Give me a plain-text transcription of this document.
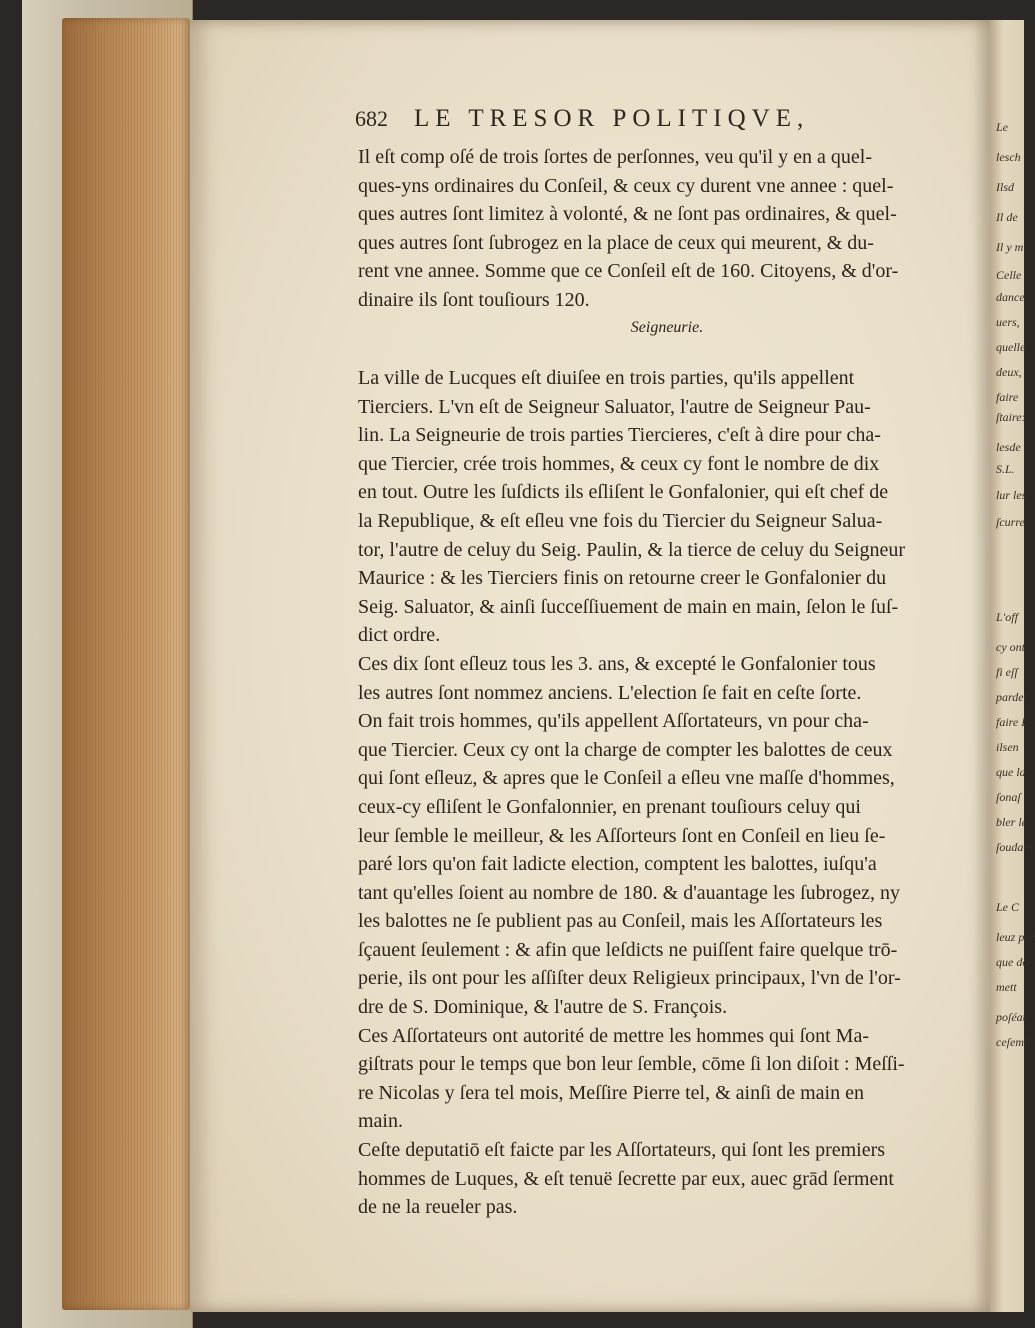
Le
lesch
Ilsd
Il de
Il y m
Celle
dance
uers,
quelle
deux,
faire
ſtaire:
lesde
S.L.
lur les
ſcurre
L'off
cy ont
fi eſſ
pardel
faire L
ilsen
que la
ſonaſ
bler le
ſoudain
Le C
leuz par
que do
mett
poſéau
ceſemb
682 LE TRESOR POLITIQVE,
Il eſt comp oſé de trois ſortes de perſonnes, veu qu'il y en a quel-
ques-yns ordinaires du Conſeil, & ceux cy durent vne annee : quel-
ques autres ſont limitez à volonté, & ne ſont pas ordinaires, & quel-
ques autres ſont ſubrogez en la place de ceux qui meurent, & du-
rent vne annee. Somme que ce Conſeil eſt de 160. Citoyens, & d'or-
dinaire ils ſont touſiours 120.
Seigneurie.
La ville de Lucques eſt diuiſee en trois parties, qu'ils appellent
Tierciers. L'vn eſt de Seigneur Saluator, l'autre de Seigneur Pau-
lin. La Seigneurie de trois parties Tiercieres, c'eſt à dire pour cha-
que Tiercier, crée trois hommes, & ceux cy font le nombre de dix
en tout. Outre les ſuſdicts ils eſliſent le Gonfalonier, qui eſt chef de
la Republique, & eſt eſleu vne fois du Tiercier du Seigneur Salua-
tor, l'autre de celuy du Seig. Paulin, & la tierce de celuy du Seigneur
Maurice : & les Tierciers finis on retourne creer le Gonfalonier du
Seig. Saluator, & ainſi ſucceſſiuement de main en main, ſelon le ſuſ-
dict ordre.
Ces dix ſont eſleuz tous les 3. ans, & excepté le Gonfalonier tous
les autres ſont nommez anciens. L'election ſe fait en ceſte ſorte.
On fait trois hommes, qu'ils appellent Aſſortateurs, vn pour cha-
que Tiercier. Ceux cy ont la charge de compter les balottes de ceux
qui ſont eſleuz, & apres que le Conſeil a eſleu vne maſſe d'hommes,
ceux-cy eſliſent le Gonfalonnier, en prenant touſiours celuy qui
leur ſemble le meilleur, & les Aſſorteurs ſont en Conſeil en lieu ſe-
paré lors qu'on fait ladicte election, comptent les balottes, iuſqu'a
tant qu'elles ſoient au nombre de 180. & d'auantage les ſubrogez, ny
les balottes ne ſe publient pas au Conſeil, mais les Aſſortateurs les
ſçauent ſeulement : & afin que leſdicts ne puiſſent faire quelque trō-
perie, ils ont pour les aſſiſter deux Religieux principaux, l'vn de l'or-
dre de S. Dominique, & l'autre de S. François.
Ces Aſſortateurs ont autorité de mettre les hommes qui ſont Ma-
giſtrats pour le temps que bon leur ſemble, cōme ſi lon diſoit : Meſſi-
re Nicolas y ſera tel mois, Meſſire Pierre tel, & ainſi de main en
main.
Ceſte deputatiō eſt faicte par les Aſſortateurs, qui ſont les premiers
hommes de Luques, & eſt tenuë ſecrette par eux, auec grād ſerment
de ne la reueler pas.
